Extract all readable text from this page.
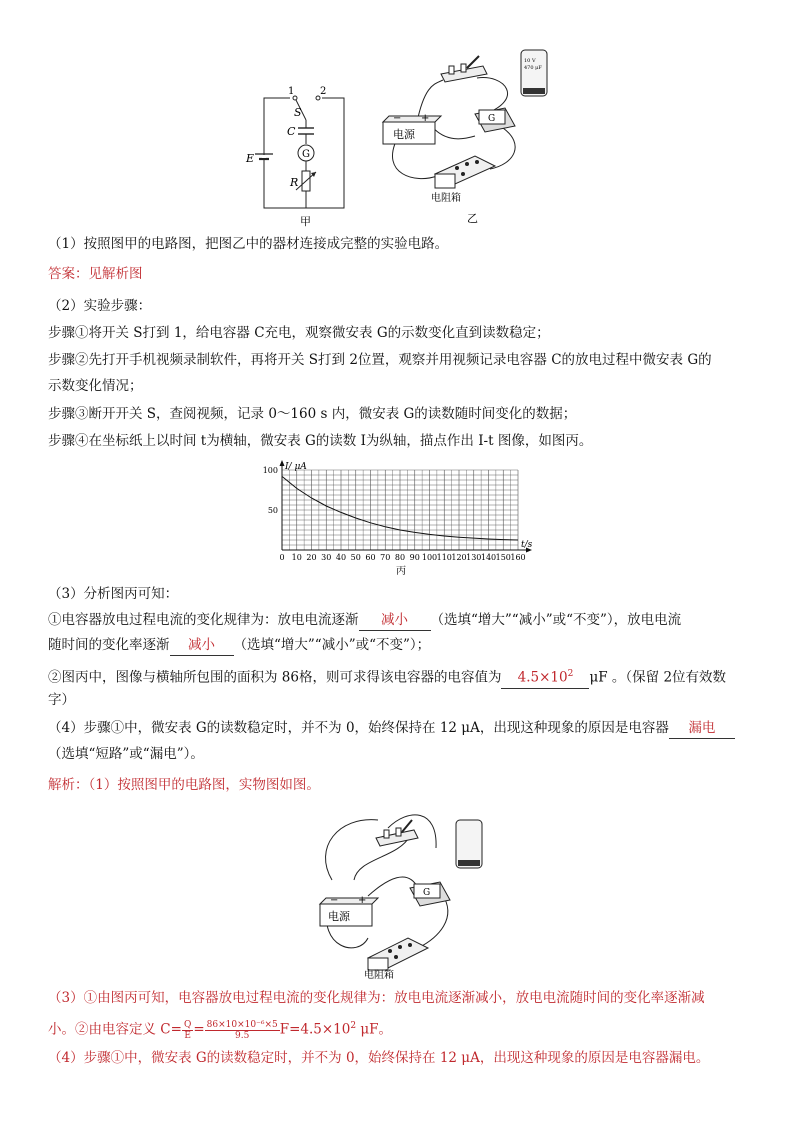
1	2
S
C
G
E
R
甲
10 V 470 μF
− +
电源
G
电阻箱
乙
（1）按照图甲的电路图，把图乙中的器材连接成完整的实验电路。
答案：见解析图
（2）实验步骤：
步骤①将开关 S打到 1，给电容器 C充电，观察微安表 G的示数变化直到读数稳定；
步骤②先打开手机视频录制软件，再将开关 S打到 2位置，观察并用视频记录电容器 C的放电过程中微安表 G的
示数变化情况；
步骤③断开开关 S，查阅视频，记录 0～160 s 内，微安表 G的读数随时间变化的数据；
步骤④在坐标纸上以时间 t为横轴，微安表 G的读数 I为纵轴，描点作出 I-t 图像，如图丙。
0 10 20 30 40 50 60 70 80 90 100 110 120 130 140 150 160
50
100 I/ μA
t/s
丙
（3）分析图丙可知：
①电容器放电过程电流的变化规律为：放电电流逐渐 减小 （选填“增大”“减小”或“不变”），放电电流
随时间的变化率逐渐 减小 （选填“增大”“减小”或“不变”）；
②图丙中，图像与横轴所包围的面积为 86格，则可求得该电容器的电容值为 $4.5\times 10^2$ μF 。（保留 2位有效数
字）
（4）步骤①中，微安表 G的读数稳定时，并不为 0，始终保持在 12 μA，出现这种现象的原因是电容器 漏电
（选填“短路”或“漏电”）。
解析：（1）按照图甲的电路图，实物图如图。
− +
电源
G
电阻箱
（3）①由图丙可知，电容器放电过程电流的变化规律为：放电电流逐渐减小，放电电流随时间的变化率逐渐减
小。②由电容定义 $C= \frac{Q}{E} = \frac{\text{86×10×10⁻⁶×5}}{9.5} F=4.5\times 10^2$ μF。
（4）步骤①中，微安表 G的读数稳定时，并不为 0，始终保持在 12 μA，出现这种现象的原因是电容器漏电。
